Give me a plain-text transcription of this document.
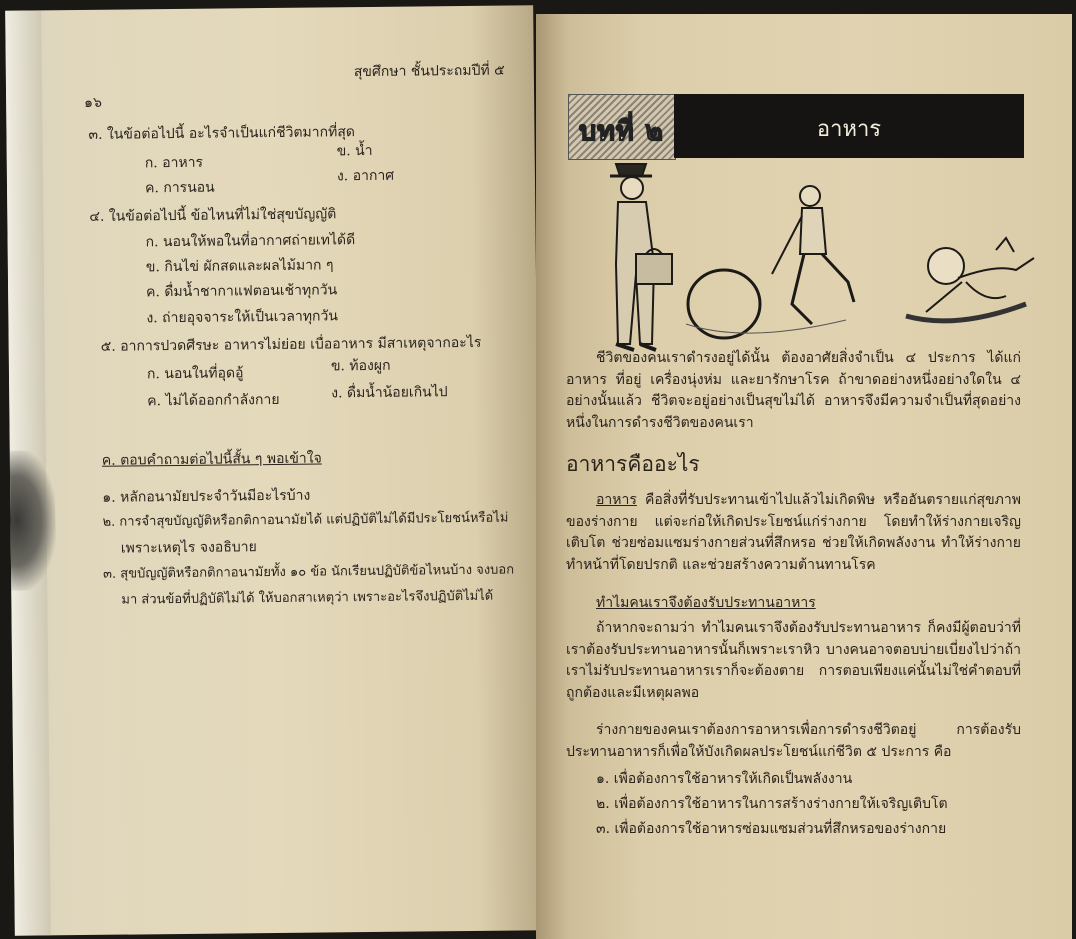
สุขศึกษา ชั้นประถมปีที่ ๕
๑๖
๓. ในข้อต่อไปนี้ อะไรจำเป็นแก่ชีวิตมากที่สุด
ก. อาหาร
ข. น้ำ
ค. การนอน
ง. อากาศ
๔. ในข้อต่อไปนี้ ข้อไหนที่ไม่ใช่สุขบัญญัติ
ก. นอนให้พอในที่อากาศถ่ายเทได้ดี
ข. กินไข่ ผักสดและผลไม้มาก ๆ
ค. ดื่มน้ำชากาแฟตอนเช้าทุกวัน
ง. ถ่ายอุจจาระให้เป็นเวลาทุกวัน
๕. อาการปวดศีรษะ อาหารไม่ย่อย เบื่ออาหาร มีสาเหตุจากอะไร
ก. นอนในที่อุดอู้	ข. ท้องผูก
ค. ไม่ได้ออกกำลังกาย	ง. ดื่มน้ำน้อยเกินไป
ค. ตอบคำถามต่อไปนี้สั้น ๆ พอเข้าใจ
๑. หลักอนามัยประจำวันมีอะไรบ้าง
๒. การจำสุขบัญญัติหรือกติกาอนามัยได้ แต่ปฏิบัติไม่ได้มีประโยชน์หรือไม่
เพราะเหตุไร จงอธิบาย
๓. สุขบัญญัติหรือกติกาอนามัยทั้ง ๑๐ ข้อ นักเรียนปฏิบัติข้อไหนบ้าง จงบอก
มา ส่วนข้อที่ปฏิบัติไม่ได้ ให้บอกสาเหตุว่า เพราะอะไรจึงปฏิบัติไม่ได้
บทที่ ๒	อาหาร
ชีวิตของคนเราดำรงอยู่ได้นั้น ต้องอาศัยสิ่งจำเป็น ๔ ประการ ได้แก่ อาหาร ที่อยู่ เครื่องนุ่งห่ม และยารักษาโรค ถ้าขาดอย่างหนึ่งอย่างใดใน ๔ อย่างนั้นแล้ว ชีวิตจะอยู่อย่างเป็นสุขไม่ได้ อาหารจึงมีความจำเป็นที่สุดอย่างหนึ่งในการดำรงชีวิตของคนเรา
อาหารคืออะไร
อาหาร คือสิ่งที่รับประทานเข้าไปแล้วไม่เกิดพิษ หรืออันตรายแก่สุขภาพของร่างกาย แต่จะก่อให้เกิดประโยชน์แก่ร่างกาย โดยทำให้ร่างกายเจริญเติบโต ช่วยซ่อมแซมร่างกายส่วนที่สึกหรอ ช่วยให้เกิดพลังงาน ทำให้ร่างกายทำหน้าที่โดยปรกติ และช่วยสร้างความต้านทานโรค
ทำไมคนเราจึงต้องรับประทานอาหาร
ถ้าหากจะถามว่า ทำไมคนเราจึงต้องรับประทานอาหาร ก็คงมีผู้ตอบว่าที่เราต้องรับประทานอาหารนั้นก็เพราะเราหิว บางคนอาจตอบบ่ายเบี่ยงไปว่าถ้าเราไม่รับประทานอาหารเราก็จะต้องตาย การตอบเพียงแค่นั้นไม่ใช่คำตอบที่ถูกต้องและมีเหตุผลพอ
ร่างกายของคนเราต้องการอาหารเพื่อการดำรงชีวิตอยู่ การต้องรับประทานอาหารก็เพื่อให้บังเกิดผลประโยชน์แก่ชีวิต ๕ ประการ คือ
๑. เพื่อต้องการใช้อาหารให้เกิดเป็นพลังงาน
๒. เพื่อต้องการใช้อาหารในการสร้างร่างกายให้เจริญเติบโต
๓. เพื่อต้องการใช้อาหารซ่อมแซมส่วนที่สึกหรอของร่างกาย
